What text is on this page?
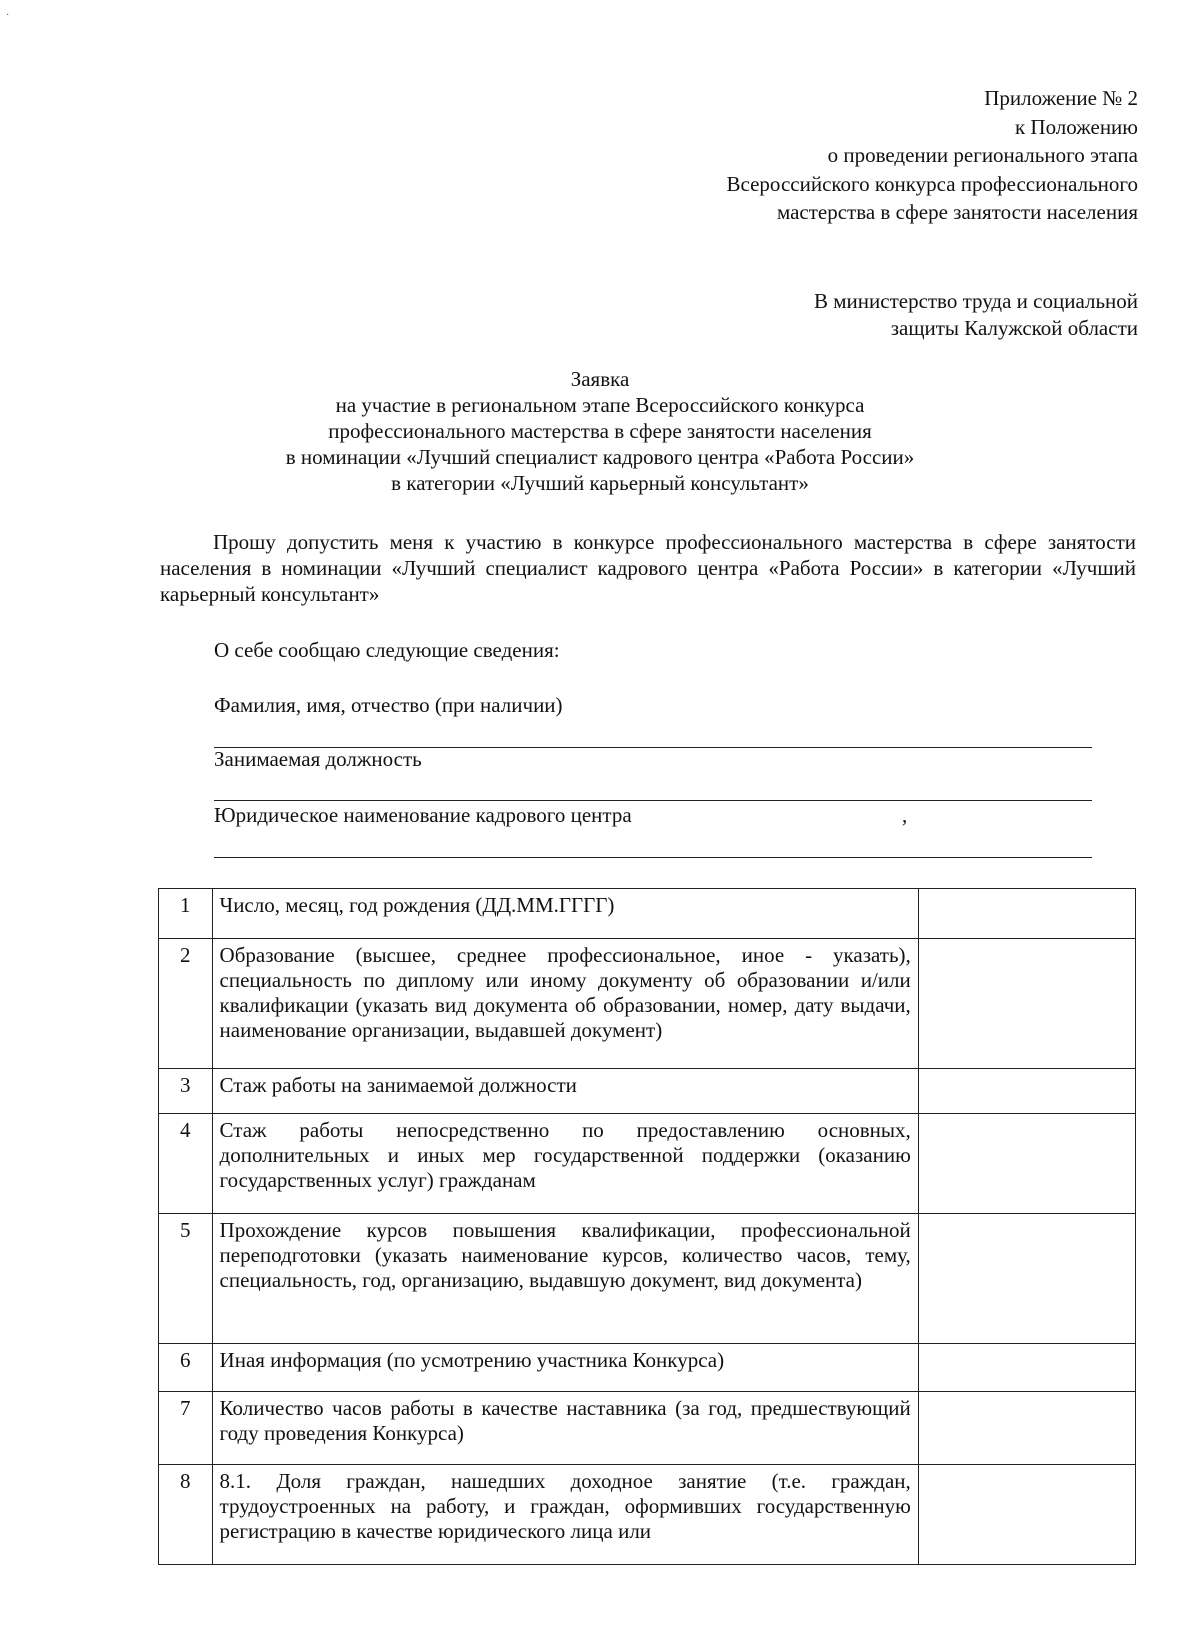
·
Приложение № 2
к Положению
о проведении регионального этапа
Всероссийского конкурса профессионального
мастерства в сфере занятости населения
В министерство труда и социальной
защиты Калужской области
Заявка
на участие в региональном этапе Всероссийского конкурса
профессионального мастерства в сфере занятости населения
в номинации «Лучший специалист кадрового центра «Работа России»
в категории «Лучший карьерный консультант»

Прошу допустить меня к участию в конкурсе профессионального мастерства в сфере занятости населения в номинации «Лучший специалист кадрового центра «Работа России» в категории «Лучший карьерный консультант»

О себе сообщаю следующие сведения:
Фамилия, имя, отчество (при наличии)
Занимаемая должность
Юридическое наименование кадрового центра	,
1	Число, месяц, год рождения (ДД.ММ.ГГГГ)	
2	Образование (высшее, среднее профессиональное, иное - указать), специальность по диплому или иному документу об образовании и/или квалификации (указать вид документа об образовании, номер, дату выдачи, наименование организации, выдавшей документ)	
3	Стаж работы на занимаемой должности	
4	Стаж работы непосредственно по предоставлению основных, дополнительных и иных мер государственной поддержки (оказанию государственных услуг) гражданам	
5	Прохождение курсов повышения квалификации, профессиональной переподготовки (указать наименование курсов, количество часов, тему, специальность, год, организацию, выдавшую документ, вид документа)	
6	Иная информация (по усмотрению участника Конкурса)	
7	Количество часов работы в качестве наставника (за год, предшествующий году проведения Конкурса)	
8	8.1. Доля граждан, нашедших доходное занятие (т.е. граждан, трудоустроенных на работу, и граждан, оформивших государственную регистрацию в качестве юридического лица или	
